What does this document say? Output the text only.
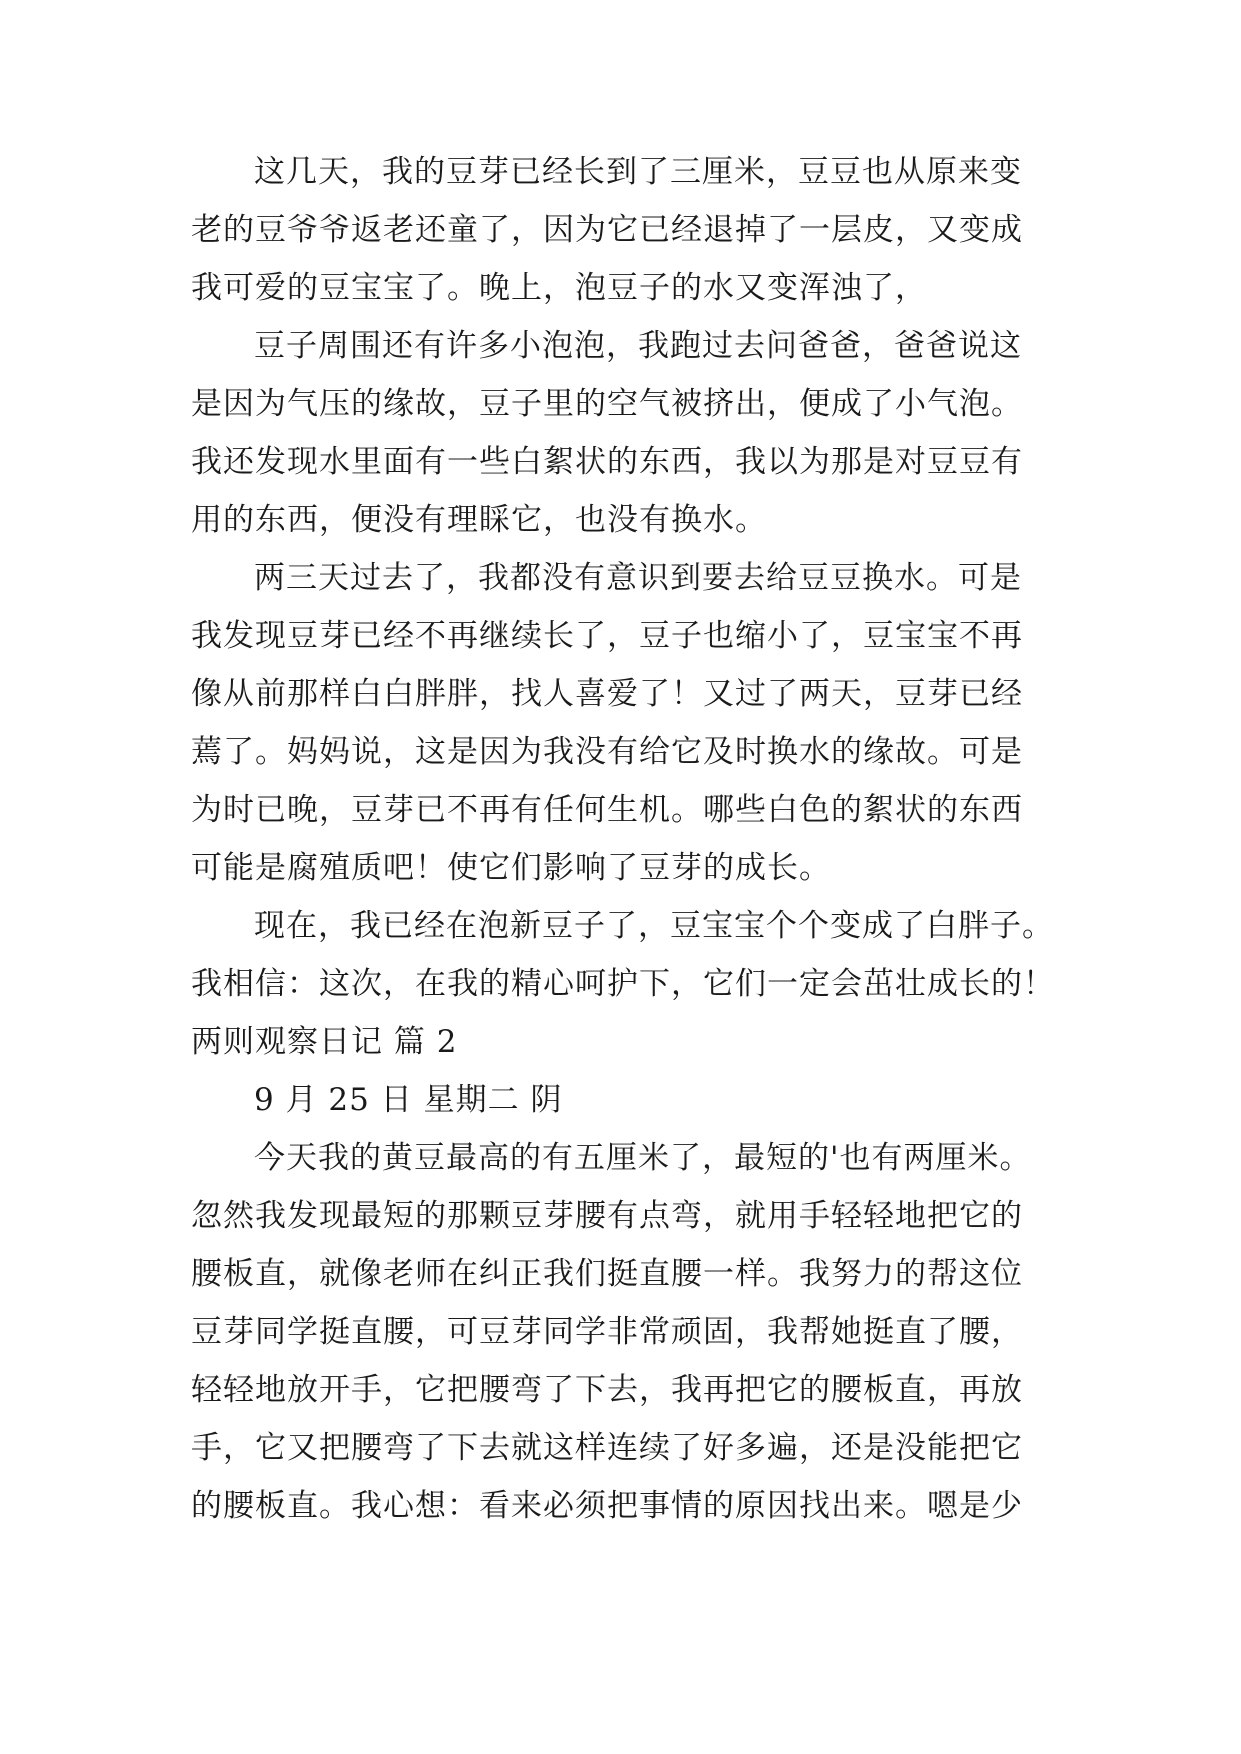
这几天，我的豆芽已经长到了三厘米，豆豆也从原来变
老的豆爷爷返老还童了，因为它已经退掉了一层皮，又变成
我可爱的豆宝宝了。晚上，泡豆子的水又变浑浊了，
豆子周围还有许多小泡泡，我跑过去问爸爸，爸爸说这
是因为气压的缘故，豆子里的空气被挤出，便成了小气泡。
我还发现水里面有一些白絮状的东西，我以为那是对豆豆有
用的东西，便没有理睬它，也没有换水。
两三天过去了，我都没有意识到要去给豆豆换水。可是
我发现豆芽已经不再继续长了，豆子也缩小了，豆宝宝不再
像从前那样白白胖胖，找人喜爱了！又过了两天，豆芽已经
蔫了。妈妈说，这是因为我没有给它及时换水的缘故。可是
为时已晚，豆芽已不再有任何生机。哪些白色的絮状的东西
可能是腐殖质吧！使它们影响了豆芽的成长。
现在，我已经在泡新豆子了，豆宝宝个个变成了白胖子。
我相信：这次，在我的精心呵护下，它们一定会茁壮成长的！
两则观察日记 篇 2
9 月 25 日 星期二 阴
今天我的黄豆最高的有五厘米了，最短的'也有两厘米。
忽然我发现最短的那颗豆芽腰有点弯，就用手轻轻地把它的
腰板直，就像老师在纠正我们挺直腰一样。我努力的帮这位
豆芽同学挺直腰，可豆芽同学非常顽固，我帮她挺直了腰，
轻轻地放开手，它把腰弯了下去，我再把它的腰板直，再放
手，它又把腰弯了下去就这样连续了好多遍，还是没能把它
的腰板直。我心想：看来必须把事情的原因找出来。嗯是少
